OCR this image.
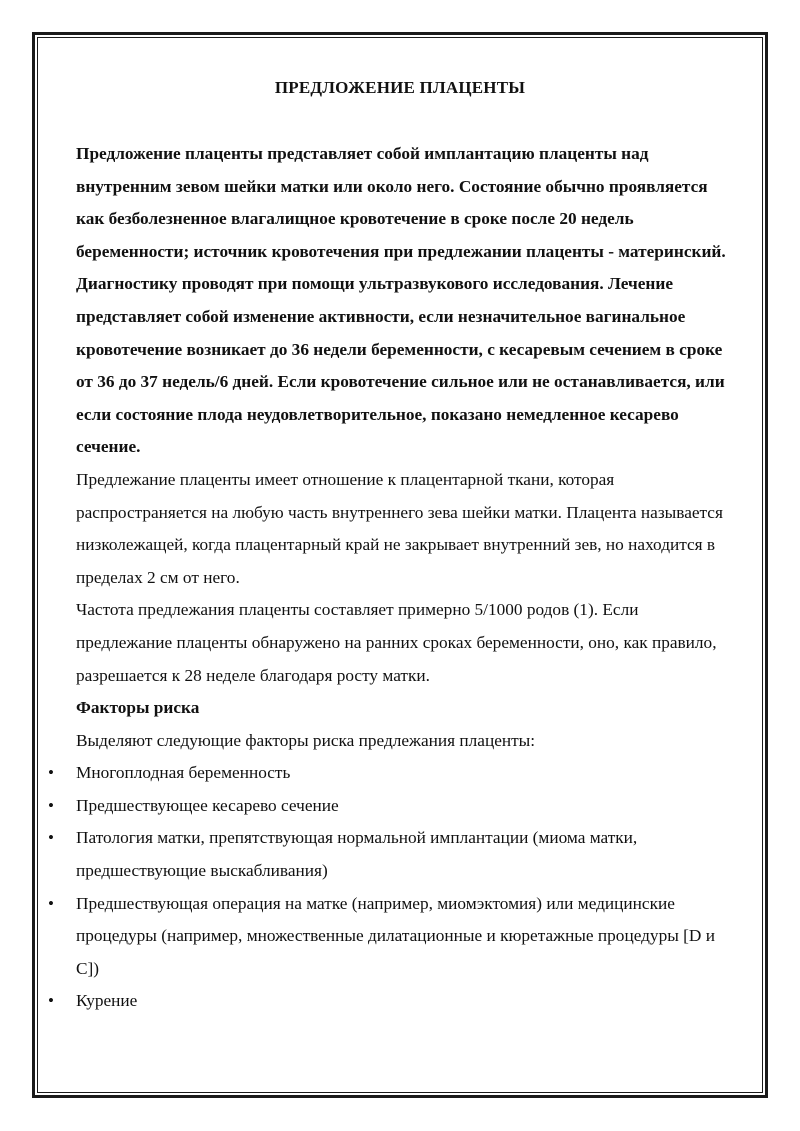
ПРЕДЛОЖЕНИЕ ПЛАЦЕНТЫ

Предложение плаценты представляет собой имплантацию плаценты над внутренним зевом шейки матки или около него. Состояние обычно проявляется как безболезненное влагалищное кровотечение в сроке после 20 недель беременности; источник кровотечения при предлежании плаценты - материнский. Диагностику проводят при помощи ультразвукового исследования. Лечение представляет собой изменение активности, если незначительное вагинальное кровотечение возникает до 36 недели беременности, с кесаревым сечением в сроке от 36 до 37 недель/6 дней. Если кровотечение сильное или не останавливается, или если состояние плода неудовлетворительное, показано немедленное кесарево сечение.

Предлежание плаценты имеет отношение к плацентарной ткани, которая распространяется на любую часть внутреннего зева шейки матки. Плацента называется низколежащей, когда плацентарный край не закрывает внутренний зев, но находится в пределах 2 см от него.

Частота предлежания плаценты составляет примерно 5/1000 родов (1). Если предлежание плаценты обнаружено на ранних сроках беременности, оно, как правило, разрешается к 28 неделе благодаря росту матки.

Факторы риска

Выделяют следующие факторы риска предлежания плаценты:

• Многоплодная беременность
• Предшествующее кесарево сечение
• Патология матки, препятствующая нормальной имплантации (миома матки, предшествующие выскабливания)
• Предшествующая операция на матке (например, миомэктомия) или медицинские процедуры (например, множественные дилатационные и кюретажные процедуры [D и C])
• Курение
